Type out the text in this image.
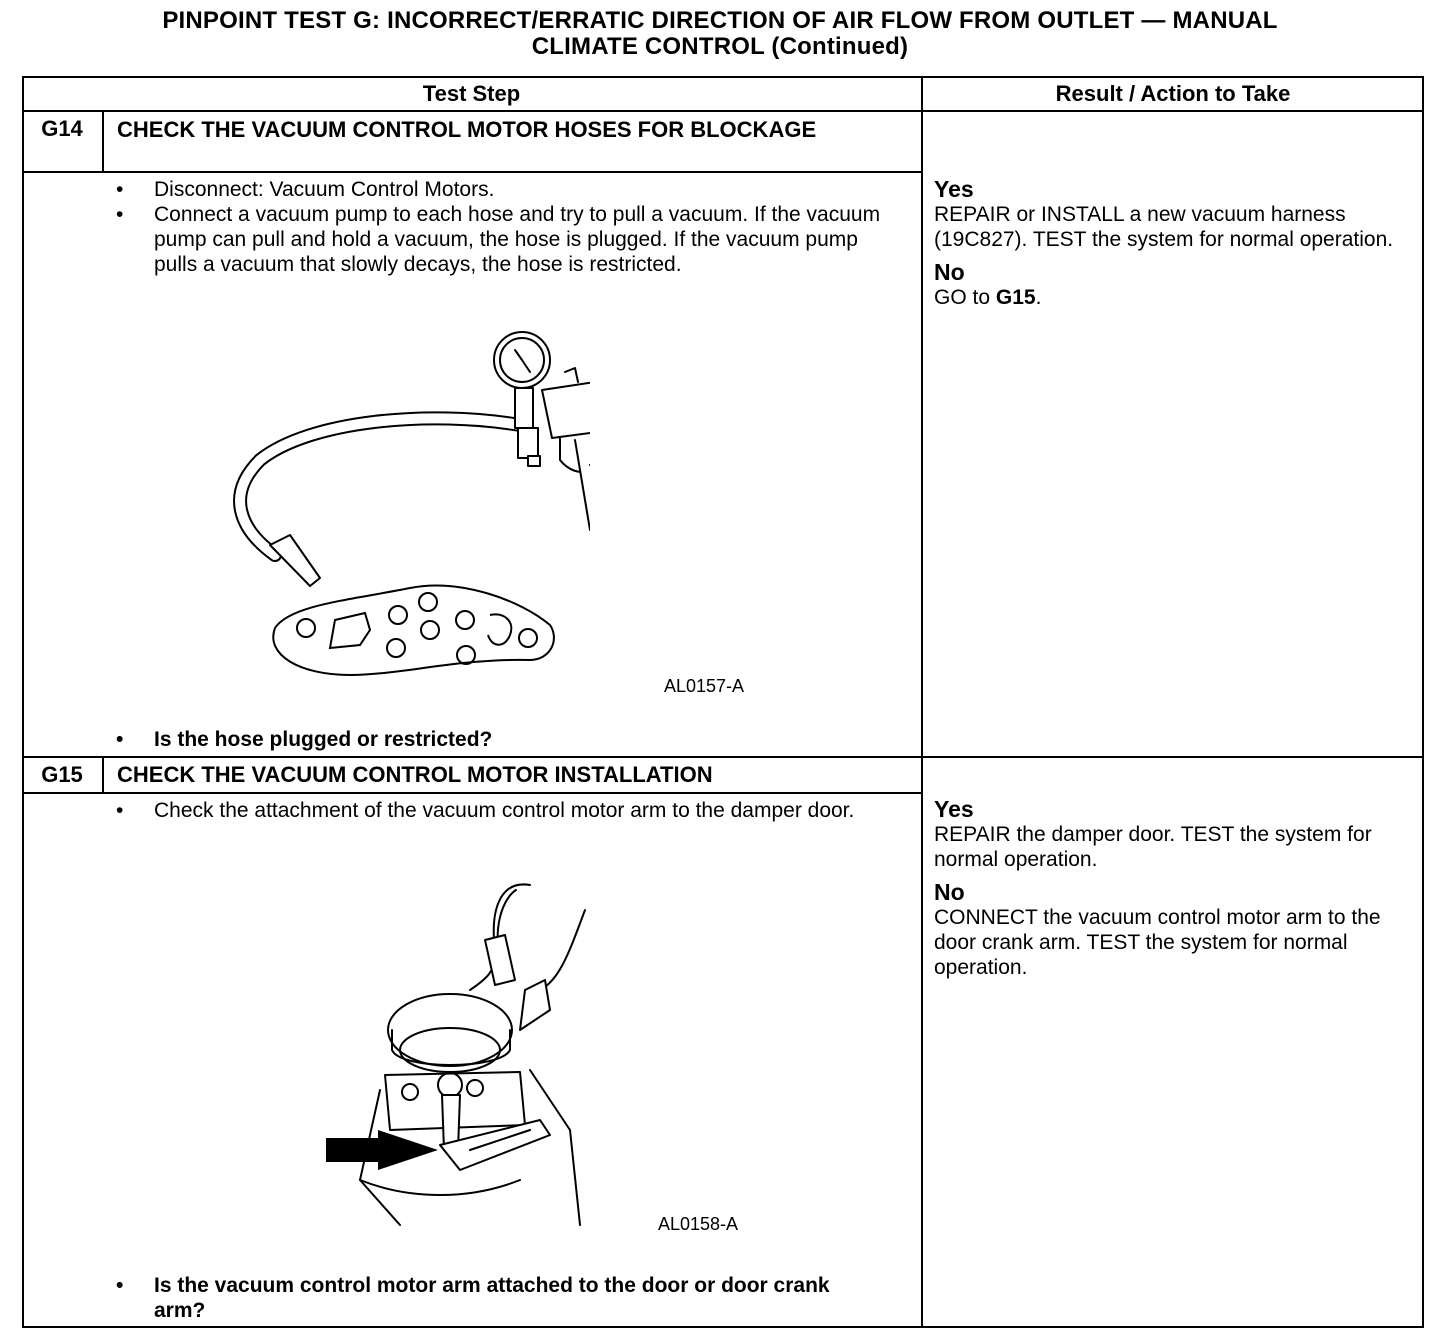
PINPOINT TEST G: INCORRECT/ERRATIC DIRECTION OF AIR FLOW FROM OUTLET — MANUAL
CLIMATE CONTROL (Continued)
Test Step	Result / Action to Take
G14	CHECK THE VACUUM CONTROL MOTOR HOSES FOR BLOCKAGE

• Disconnect: Vacuum Control Motors.

• Connect a vacuum pump to each hose and try to pull a vacuum. If the vacuum pump can pull and hold a vacuum, the hose is plugged. If the vacuum pump pulls a vacuum that slowly decays, the hose is restricted.

AL0157-A

• Is the hose plugged or restricted?

Yes

REPAIR or INSTALL a new vacuum harness (19C827). TEST the system for normal operation.

No

GO to G15.

G15	CHECK THE VACUUM CONTROL MOTOR INSTALLATION

• Check the attachment of the vacuum control motor arm to the damper door.

AL0158-A

• Is the vacuum control motor arm attached to the door or door crank arm?

Yes

REPAIR the damper door. TEST the system for normal operation.

No

CONNECT the vacuum control motor arm to the door crank arm. TEST the system for normal operation.
